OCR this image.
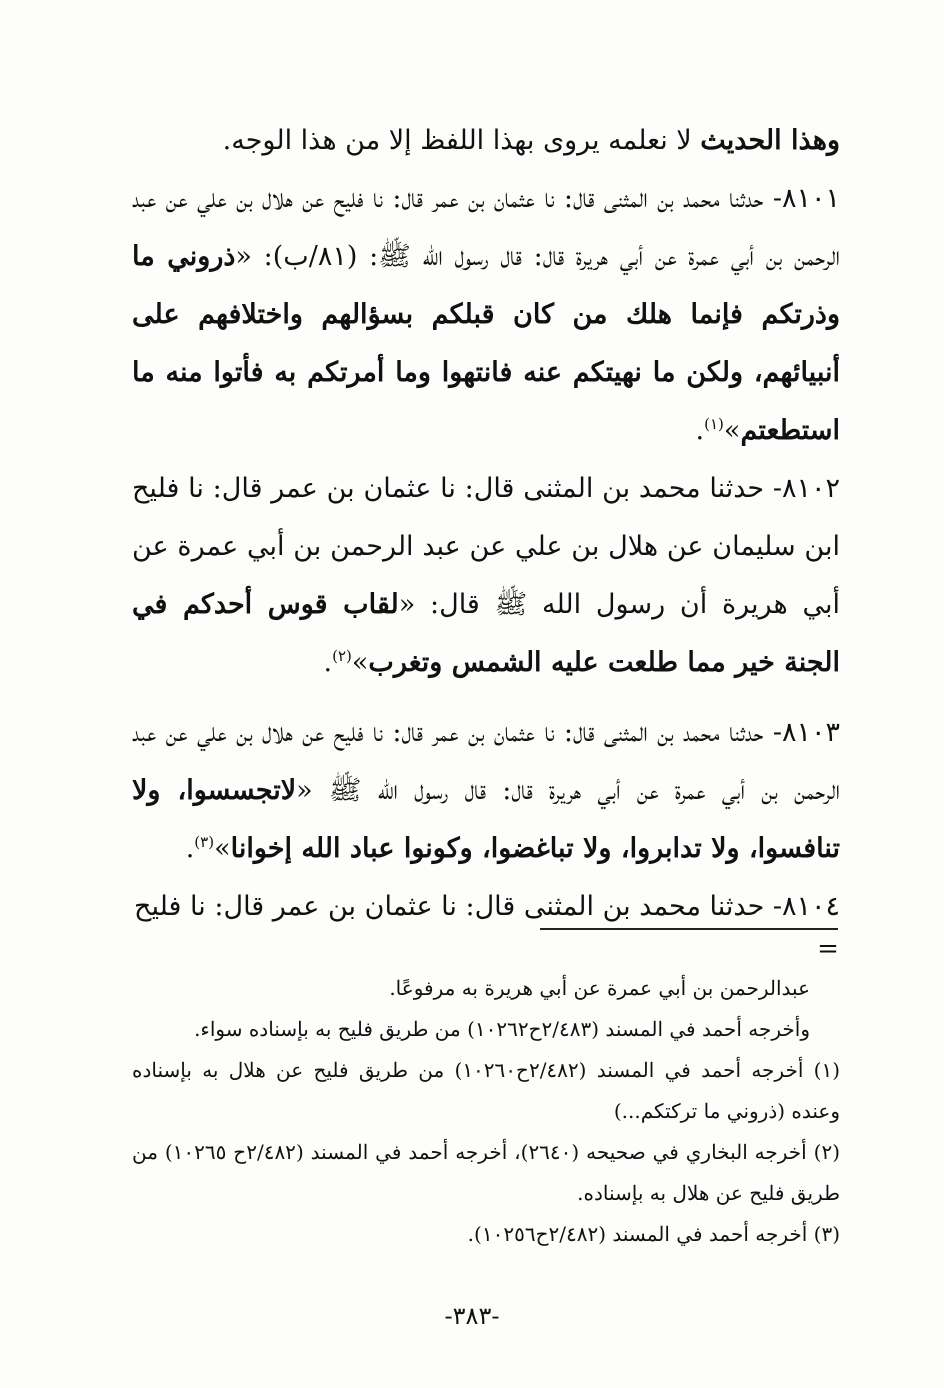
وهذا الحديث لا نعلمه يروى بهذا اللفظ إلا من هذا الوجه.

٨١٠١- حدثنا محمد بن المثنى قال: نا عثمان بن عمر قال: نا فليح عن هلال بن علي عن عبد الرحمن بن أبي عمرة عن أبي هريرة قال: قال رسول الله ﷺ: (٨١/ب): «ذروني ما وذرتكم فإنما هلك من كان قبلكم بسؤالهم واختلافهم على أنبيائهم، ولكن ما نهيتكم عنه فانتهوا وما أمرتكم به فأتوا منه ما استطعتم»$^{(١)}$.

٨١٠٢- حدثنا محمد بن المثنى قال: نا عثمان بن عمر قال: نا فليح ابن سليمان عن هلال بن علي عن عبد الرحمن بن أبي عمرة عن أبي هريرة أن رسول الله ﷺ قال: «لقاب قوس أحدكم في الجنة خير مما طلعت عليه الشمس وتغرب»$^{(٢)}$.

٨١٠٣- حدثنا محمد بن المثنى قال: نا عثمان بن عمر قال: نا فليح عن هلال بن علي عن عبد الرحمن بن أبي عمرة عن أبي هريرة قال: قال رسول الله ﷺ «لاتجسسوا، ولا تنافسوا، ولا تدابروا، ولا تباغضوا، وكونوا عباد الله إخوانا»$^{(٣)}$.

٨١٠٤- حدثنا محمد بن المثنى قال: نا عثمان بن عمر قال: نا فليح

=

عبدالرحمن بن أبي عمرة عن أبي هريرة به مرفوعًا.

وأخرجه أحمد في المسند (٢/٤٨٣ح١٠٢٦٢) من طريق فليح به بإسناده سواء.

(١) أخرجه أحمد في المسند (٢/٤٨٢ح١٠٢٦٠) من طريق فليح عن هلال به بإسناده وعنده (ذروني ما تركتكم...)

(٢) أخرجه البخاري في صحيحه (٢٦٤٠)، أخرجه أحمد في المسند (٢/٤٨٢ح ١٠٢٦٥) من طريق فليح عن هلال به بإسناده.

(٣) أخرجه أحمد في المسند (٢/٤٨٢ح١٠٢٥٦).

-٣٨٣-
